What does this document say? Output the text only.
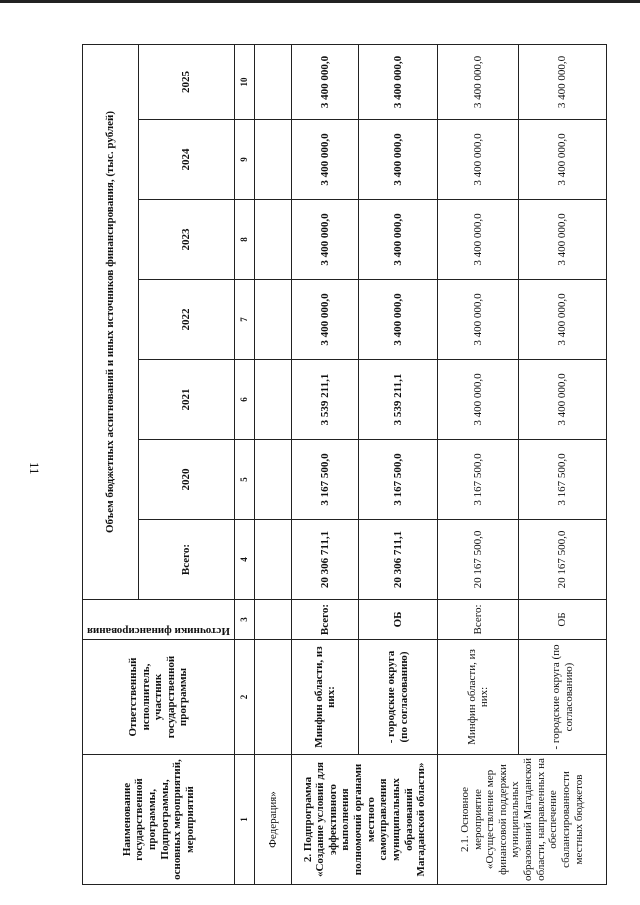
11
Наименование государственной программы, Подпрограммы, основных мероприятий, мероприятий	Ответственный исполнитель, участник государственной программы	Источники финансирования	Объем бюджетных ассигнований и иных источников финансирования, (тыс. рублей)						
			Всего:	2020	2021	2022	2023	2024	2025
1	2	3	4	5	6	7	8	9	10
Федерация»									
2. Подпрограмма «Создание условий для эффективного выполнения полномочий органами местного самоуправления муниципальных образований Магаданской области»	Минфин области, из них:	Всего:	20 306 711,1	3 167 500,0	3 539 211,1	3 400 000,0	3 400 000,0	3 400 000,0	3 400 000,0
	- городские округа (по согласованию)	ОБ	20 306 711,1	3 167 500,0	3 539 211,1	3 400 000,0	3 400 000,0	3 400 000,0	3 400 000,0
2.1. Основное мероприятие «Осуществление мер финансовой поддержки муниципальных образований Магаданской области, направленных на обеспечение сбалансированности местных бюджетов	Минфин области, из них:	Всего:	20 167 500,0	3 167 500,0	3 400 000,0	3 400 000,0	3 400 000,0	3 400 000,0	3 400 000,0
	- городские округа (по согласованию)	ОБ	20 167 500,0	3 167 500,0	3 400 000,0	3 400 000,0	3 400 000,0	3 400 000,0	3 400 000,0
